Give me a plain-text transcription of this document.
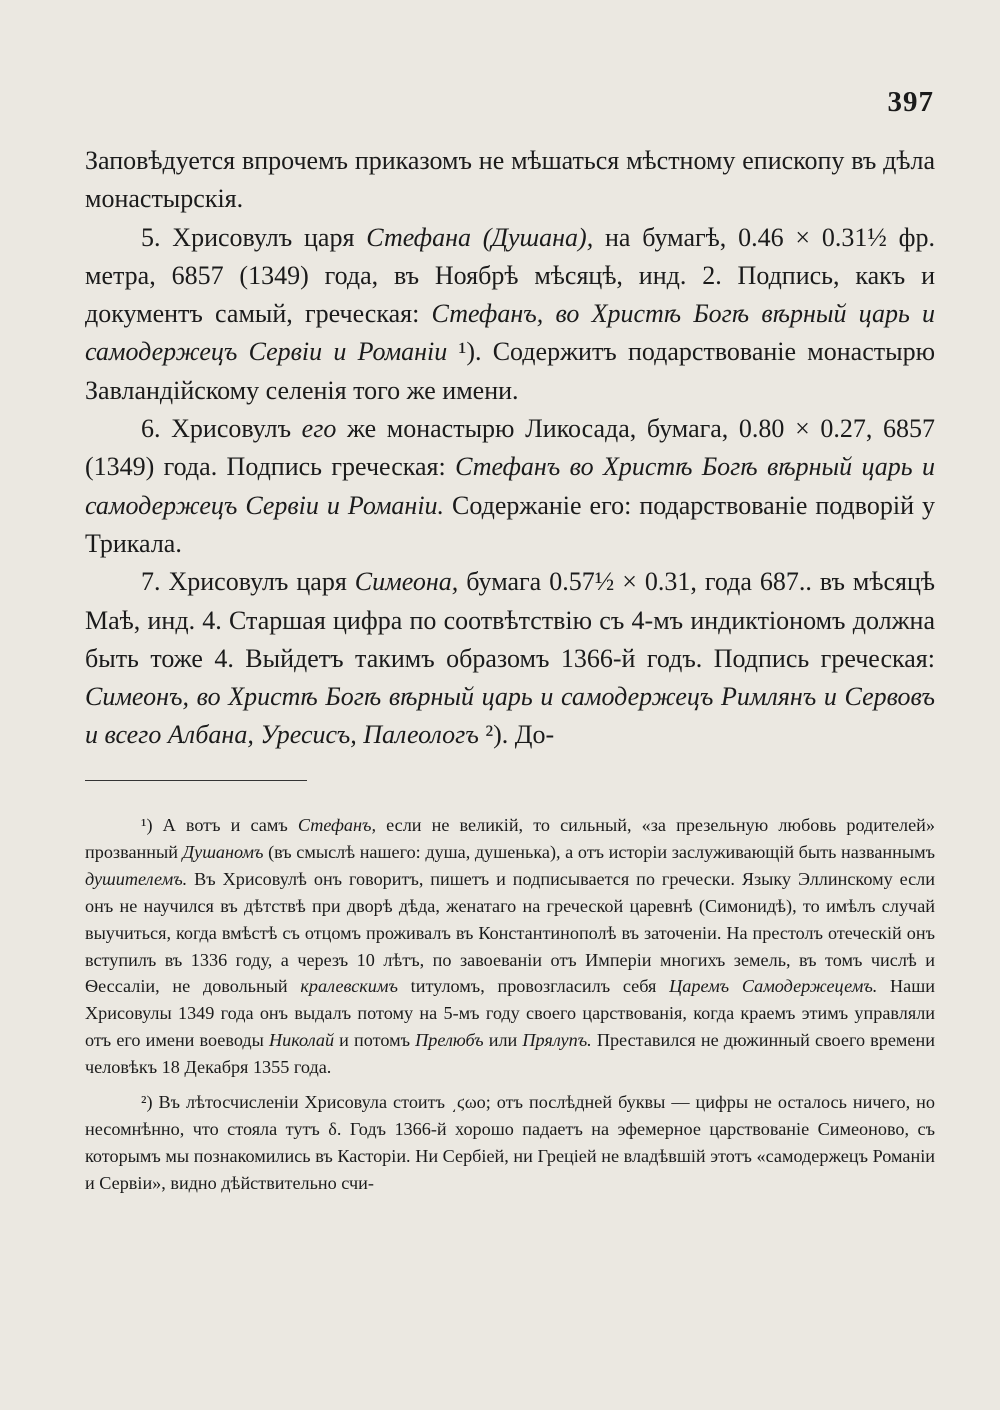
397

Заповѣдуется впрочемъ приказомъ не мѣшаться мѣстному епископу въ дѣла монастырскія.

5. Хрисовулъ царя Стефана (Душана), на бумагѣ, 0.46 × 0.31½ фр. метра, 6857 (1349) года, въ Ноябрѣ мѣсяцѣ, инд. 2. Подпись, какъ и документъ самый, греческая: Стефанъ, во Христѣ Богѣ вѣрный царь и самодержецъ Сервіи и Романіи ¹). Содержитъ подарствованіе монастырю Завландійскому селенія того же имени.

6. Хрисовулъ его же монастырю Ликосада, бумага, 0.80 × 0.27, 6857 (1349) года. Подпись греческая: Стефанъ во Христѣ Богѣ вѣрный царь и самодержецъ Сервіи и Романіи. Содержаніе его: подарствованіе подворій у Трикала.

7. Хрисовулъ царя Симеона, бумага 0.57½ × 0.31, года 687.. въ мѣсяцѣ Маѣ, инд. 4. Старшая цифра по соотвѣтствію съ 4-мъ индиктіономъ должна быть тоже 4. Выйдетъ такимъ образомъ 1366-й годъ. Подпись греческая: Симеонъ, во Христѣ Богѣ вѣрный царь и самодержецъ Римлянъ и Сервовъ и всего Албана, Уресисъ, Палеологъ ²). До-

¹) А вотъ и самъ Стефанъ, если не великій, то сильный, «за презельную любовь родителей» прозванный Душаномъ (въ смыслѣ нашего: душа, душенька), а отъ исторіи заслуживающій быть названнымъ душителемъ. Въ Хрисовулѣ онъ говоритъ, пишетъ и подписывается по гречески. Языку Эллинскому если онъ не научился въ дѣтствѣ при дворѣ дѣда, женатаго на греческой царевнѣ (Симонидѣ), то имѣлъ случай выучиться, когда вмѣстѣ съ отцомъ проживалъ въ Константинополѣ въ заточеніи. На престолъ отеческій онъ вступилъ въ 1336 году, а черезъ 10 лѣтъ, по завоеваніи отъ Имперіи многихъ земель, въ томъ числѣ и Ѳессаліи, не довольный кралевскимъ tитуломъ, провозгласилъ себя Царемъ Самодержецемъ. Наши Хрисовулы 1349 года онъ выдалъ потому на 5-мъ году своего царствованія, когда краемъ этимъ управляли отъ его имени воеводы Николай и потомъ Прелюбъ или Прялупъ. Преставился не дюжинный своего времени человѣкъ 18 Декабря 1355 года.

²) Въ лѣтосчисленіи Хрисовула стоитъ ͵ϛωο; отъ послѣдней буквы — цифры не осталось ничего, но несомнѣнно, что стояла тутъ δ. Годъ 1366-й хорошо падаетъ на эфемерное царствованіе Симеоново, съ которымъ мы познакомились въ Касторіи. Ни Сербіей, ни Греціей не владѣвшій этотъ «самодержецъ Романіи и Сервіи», видно дѣйствительно счи-
